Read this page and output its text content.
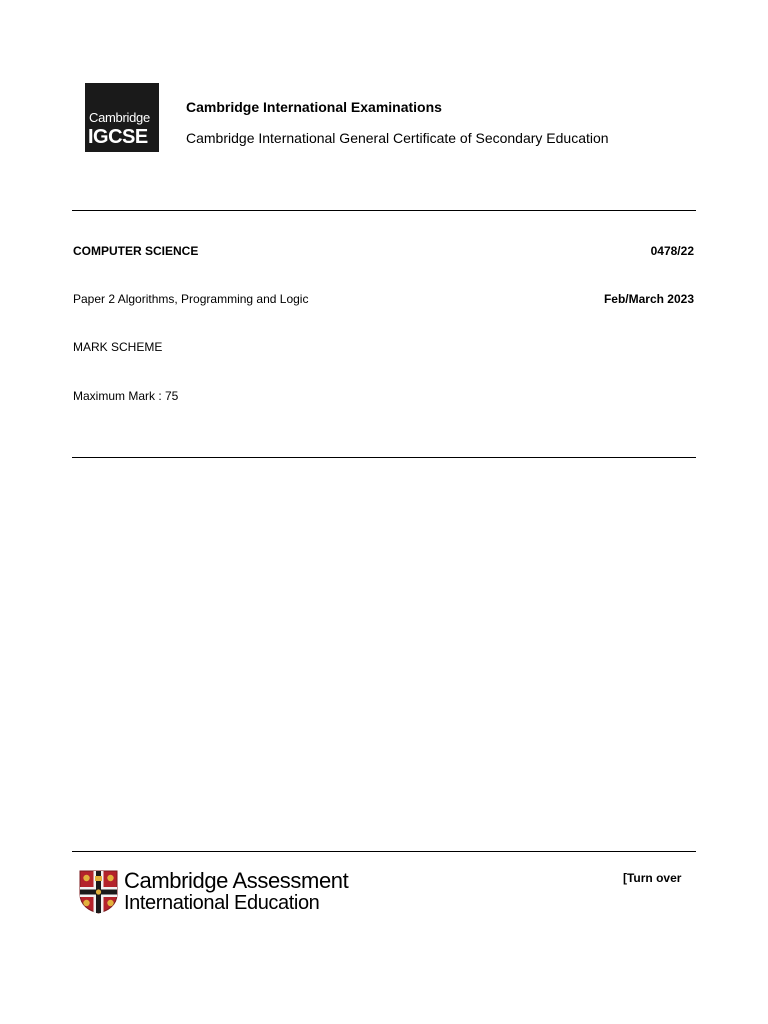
Cambridge
IGCSE
Cambridge International Examinations
Cambridge International General Certificate of Secondary Education
COMPUTER SCIENCE	0478/22
Paper 2 Algorithms, Programming and Logic	Feb/March 2023
MARK SCHEME
Maximum Mark : 75
Cambridge Assessment
International Education
[Turn over
